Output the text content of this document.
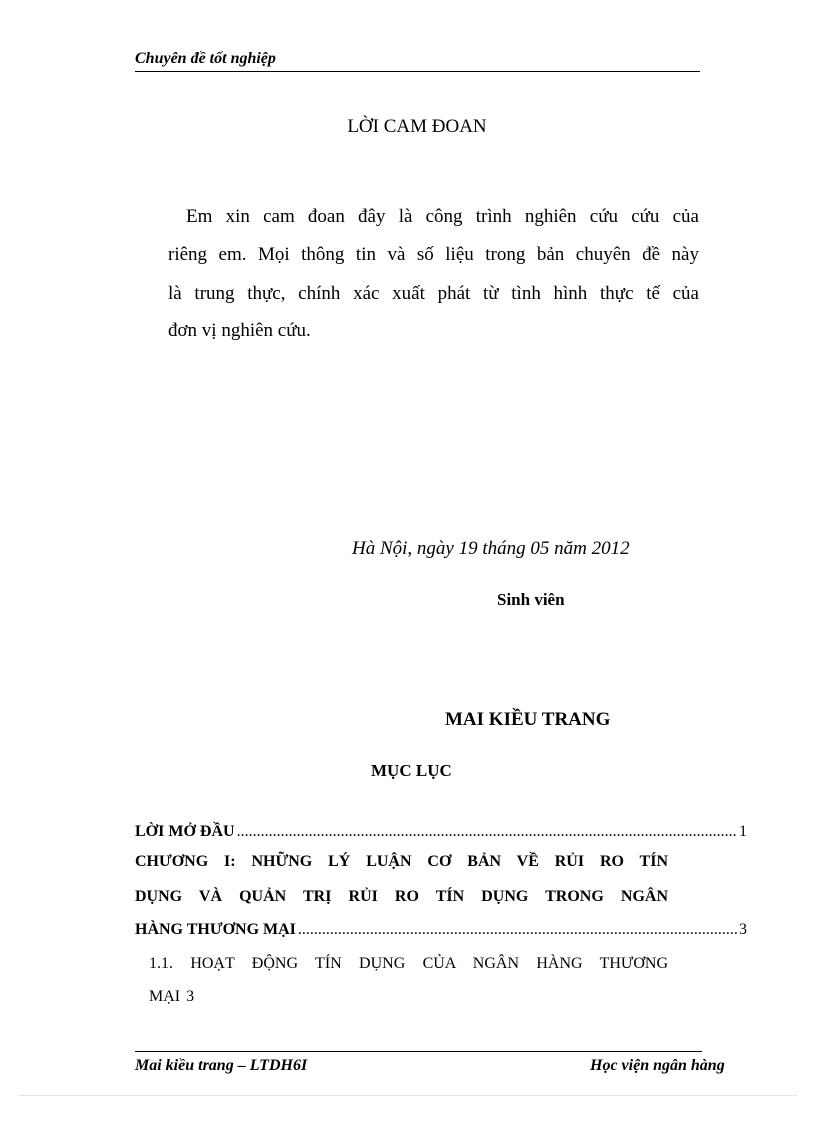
Chuyên đề tốt nghiệp
LỜI CAM ĐOAN
Em xin cam đoan đây là công trình nghiên cứu cứu của
riêng em. Mọi thông tin và số liệu trong bản chuyên đề này
là trung thực, chính xác xuất phát từ tình hình thực tế của
đơn vị nghiên cứu.
Hà Nội, ngày 19 tháng 05 năm 2012
Sinh viên
MAI KIỀU TRANG
MỤC LỤC
LỜI MỞ ĐẦU .....	1
CHƯƠNG I: NHỮNG LÝ LUẬN CƠ BẢN VỀ RỦI RO TÍN
DỤNG VÀ QUẢN TRỊ RỦI RO TÍN DỤNG TRONG NGÂN
HÀNG THƯƠNG MẠI .....	3
1.1. HOẠT ĐỘNG TÍN DỤNG CỦA NGÂN HÀNG THƯƠNG
MẠI 3
Mai kiều trang – LTDH6I	Học viện ngân hàng
